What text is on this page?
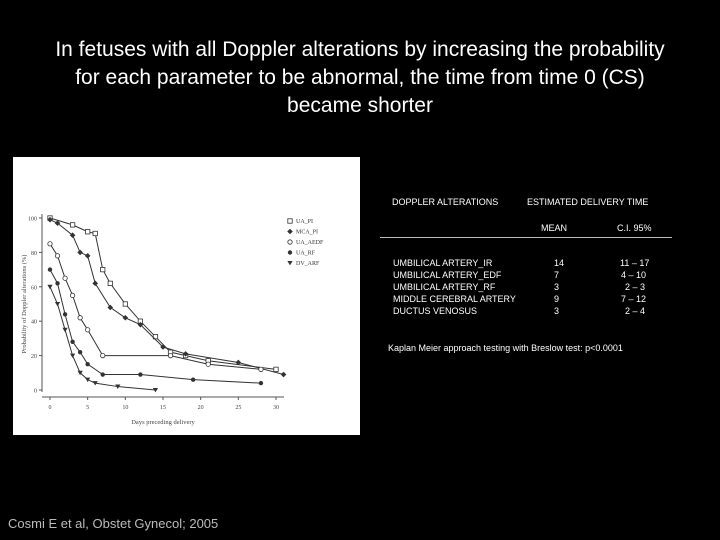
In fetuses with all Doppler alterations by increasing the probability
for each parameter to be abnormal, the time from time 0 (CS)
became shorter
0
20
40
60
80
100
0	5	10	15	20	25	30
Days preceding delivery
Probability of Doppler alterations (%)
UA_PI
MCA_PI
UA_AEDF
UA_RF
DV_ARF
DOPPLER ALTERATIONS	ESTIMATED DELIVERY TIME
MEAN	C.I. 95%
UMBILICAL ARTERY_IR	14	11 – 17
UMBILICAL ARTERY_EDF	7	4 – 10
UMBILICAL ARTERY_RF	3	2 – 3
MIDDLE CEREBRAL ARTERY	9	7 – 12
DUCTUS VENOSUS	3	2 – 4
Kaplan Meier approach testing with Breslow test: p<0.0001
Cosmi E et al, Obstet Gynecol; 2005
